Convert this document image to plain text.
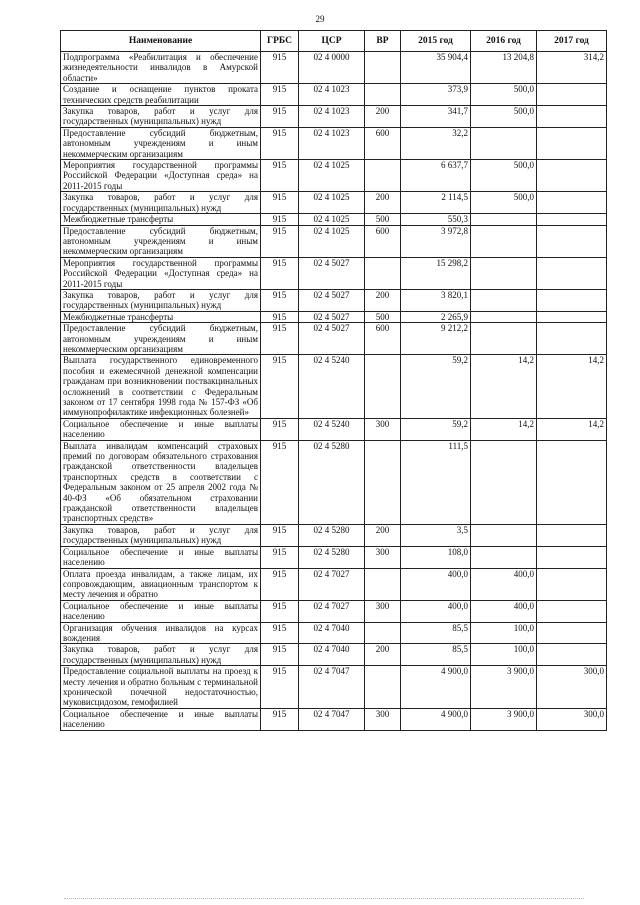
29
Наименование	ГРБС	ЦСР	ВР	2015 год	2016 год	2017 год
Подпрограмма «Реабилитация и обеспечение жизнедеятельности инвалидов в Амурской области»	915	02 4 0000		35 904,4	13 204,8	314,2
Создание и оснащение пунктов проката технических средств реабилитации	915	02 4 1023		373,9	500,0	
Закупка товаров, работ и услуг для государственных (муниципальных) нужд	915	02 4 1023	200	341,7	500,0	
Предоставление субсидий бюджетным, автономным учреждениям и иным некоммерческим организациям	915	02 4 1023	600	32,2		
Мероприятия государственной программы Российской Федерации «Доступная среда» на 2011-2015 годы	915	02 4 1025		6 637,7	500,0	
Закупка товаров, работ и услуг для государственных (муниципальных) нужд	915	02 4 1025	200	2 114,5	500,0	
Межбюджетные трансферты	915	02 4 1025	500	550,3		
Предоставление субсидий бюджетным, автономным учреждениям и иным некоммерческим организациям	915	02 4 1025	600	3 972,8		
Мероприятия государственной программы Российской Федерации «Доступная среда» на 2011-2015 годы	915	02 4 5027		15 298,2		
Закупка товаров, работ и услуг для государственных (муниципальных) нужд	915	02 4 5027	200	3 820,1		
Межбюджетные трансферты	915	02 4 5027	500	2 265,9		
Предоставление субсидий бюджетным, автономным учреждениям и иным некоммерческим организациям	915	02 4 5027	600	9 212,2		
Выплата государственного единовременного пособия и ежемесячной денежной компенсации гражданам при возникновении поствакцинальных осложнений в соответствии с Федеральным законом от 17 сентября 1998 года № 157-ФЗ «Об иммунопрофилактике инфекционных болезней»	915	02 4 5240		59,2	14,2	14,2
Социальное обеспечение и иные выплаты населению	915	02 4 5240	300	59,2	14,2	14,2
Выплата инвалидам компенсаций страховых премий по договорам обязательного страхования гражданской ответственности владельцев транспортных средств в соответствии с Федеральным законом от 25 апреля 2002 года № 40-ФЗ «Об обязательном страховании гражданской ответственности владельцев транспортных средств»	915	02 4 5280		111,5		
Закупка товаров, работ и услуг для государственных (муниципальных) нужд	915	02 4 5280	200	3,5		
Социальное обеспечение и иные выплаты населению	915	02 4 5280	300	108,0		
Оплата проезда инвалидам, а также лицам, их сопровождающим, авиационным транспортом к месту лечения и обратно	915	02 4 7027		400,0	400,0	
Социальное обеспечение и иные выплаты населению	915	02 4 7027	300	400,0	400,0	
Организация обучения инвалидов на курсах вождения	915	02 4 7040		85,5	100,0	
Закупка товаров, работ и услуг для государственных (муниципальных) нужд	915	02 4 7040	200	85,5	100,0	
Предоставление социальной выплаты на проезд к месту лечения и обратно больным с терминальной хронической почечной недостаточностью, муковисцидозом, гемофилией	915	02 4 7047		4 900,0	3 900,0	300,0
Социальное обеспечение и иные выплаты населению	915	02 4 7047	300	4 900,0	3 900,0	300,0
